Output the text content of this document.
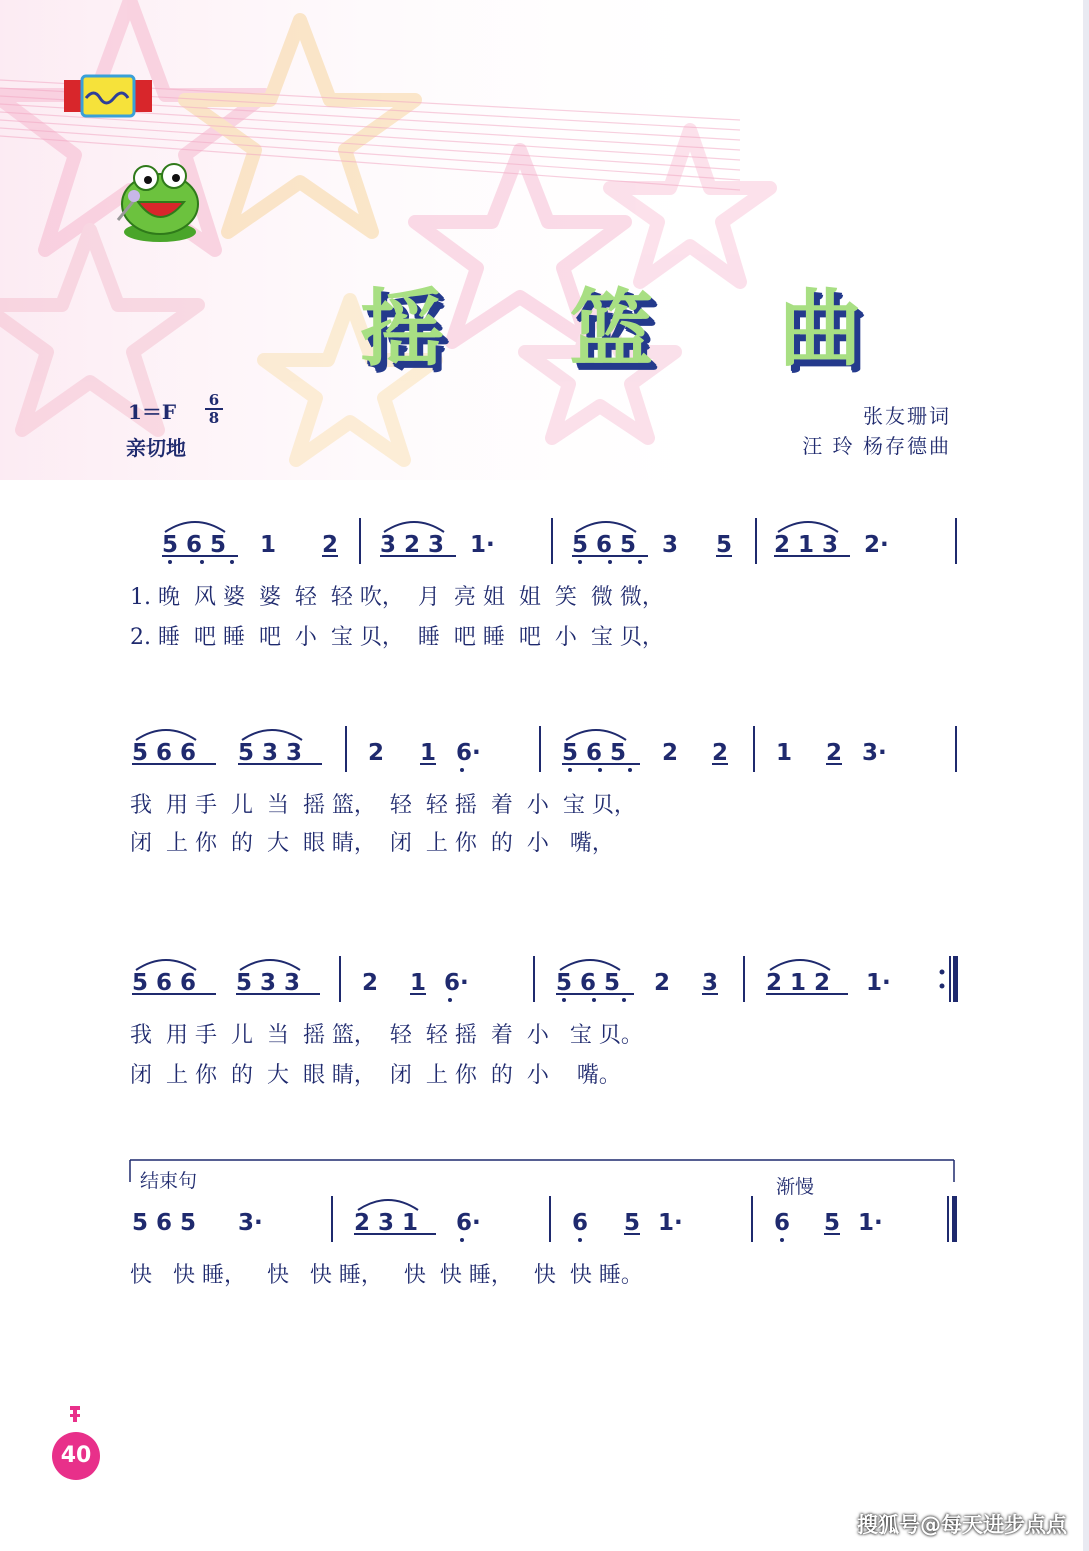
摇 篮 曲
1＝F 6
8
亲切地
张友珊词
汪 玲 杨存德曲
5 6 5 1 2 3 2 3 1·	5 6 5 3 5 2 1 3 2·
5 6 6 5 3 3	2 1 6·	5 6 5 2 2 1 2 3·
5 6 6 5 3 3	2 1 6·	5 6 5 2 3 2 1 2 1·
5 6 5 3·	2 3 1 6·	6 5 1·	6 5 1·
1. 晚  风 婆  婆  轻  轻 吹，  月  亮 姐  姐  笑  微 微，
2. 睡  吧 睡  吧  小  宝 贝，  睡  吧 睡  吧  小  宝 贝，
我  用 手  儿  当  摇 篮，  轻  轻 摇  着  小  宝 贝，
闭  上 你  的  大  眼 睛，  闭  上 你  的  小   嘴，
我  用 手  儿  当  摇 篮，  轻  轻 摇  着  小   宝 贝。
闭  上 你  的  大  眼 睛，  闭  上 你  的  小    嘴。
结束句	渐慢
快   快 睡，   快   快 睡，   快  快 睡，   快  快 睡。
40
搜狐号@每天进步点点
